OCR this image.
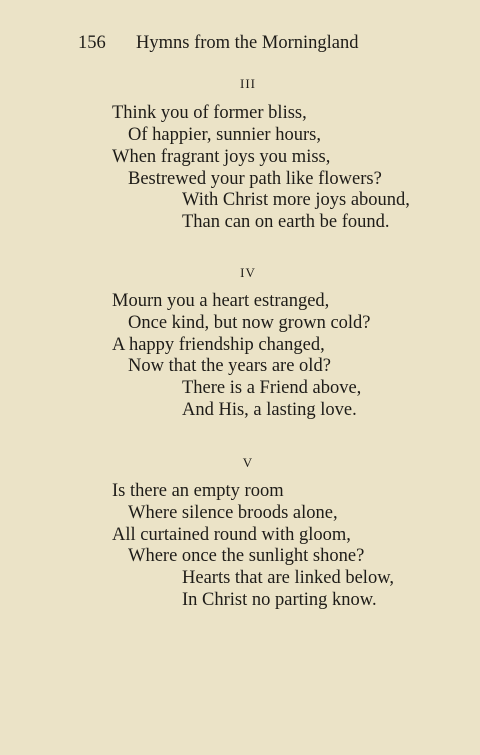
156 Hymns from the Morningland
III
Think you of former bliss,
Of happier, sunnier hours,
When fragrant joys you miss,
Bestrewed your path like flowers?
With Christ more joys abound,
Than can on earth be found.
IV
Mourn you a heart estranged,
Once kind, but now grown cold?
A happy friendship changed,
Now that the years are old?
There is a Friend above,
And His, a lasting love.
V
Is there an empty room
Where silence broods alone,
All curtained round with gloom,
Where once the sunlight shone?
Hearts that are linked below,
In Christ no parting know.
